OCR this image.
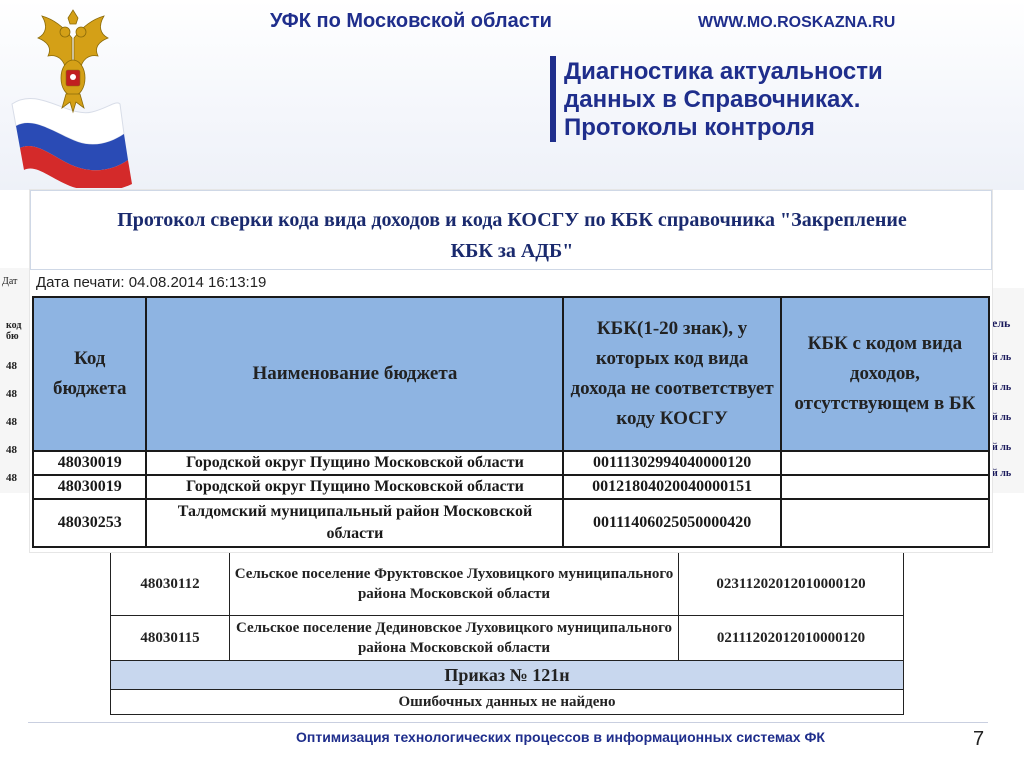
УФК по Московской области	WWW.MO.ROSKAZNA.RU
Диагностика актуальности
данных в Справочниках.
Протоколы контроля
Дат
код бю
48
48
48
48
48
ель
й ль
й ль
й ль
й ль
й ль
48030112	Сельское поселение Фруктовское Луховицкого муниципального района Московской области	02311202012010000120
48030115	Сельское поселение Дединовское Луховицкого муниципального района Московской области	02111202012010000120
Приказ № 121н		
Ошибочных данных не найдено		
Протокол сверки кода вида доходов и кода КОСГУ по КБК справочника "Закрепление
КБК за АДБ"
Дата печати: 04.08.2014 16:13:19
Код бюджета	Наименование бюджета	КБК(1-20 знак), у которых код вида дохода не соответствует коду КОСГУ	КБК с кодом вида доходов, отсутствующем в БК
48030019	Городской округ Пущино Московской области	00111302994040000120	
48030019	Городской округ Пущино Московской области	00121804020040000151	
48030253	Талдомский муниципальный район Московской области	00111406025050000420	
Оптимизация технологических процессов в информационных системах ФК	7
